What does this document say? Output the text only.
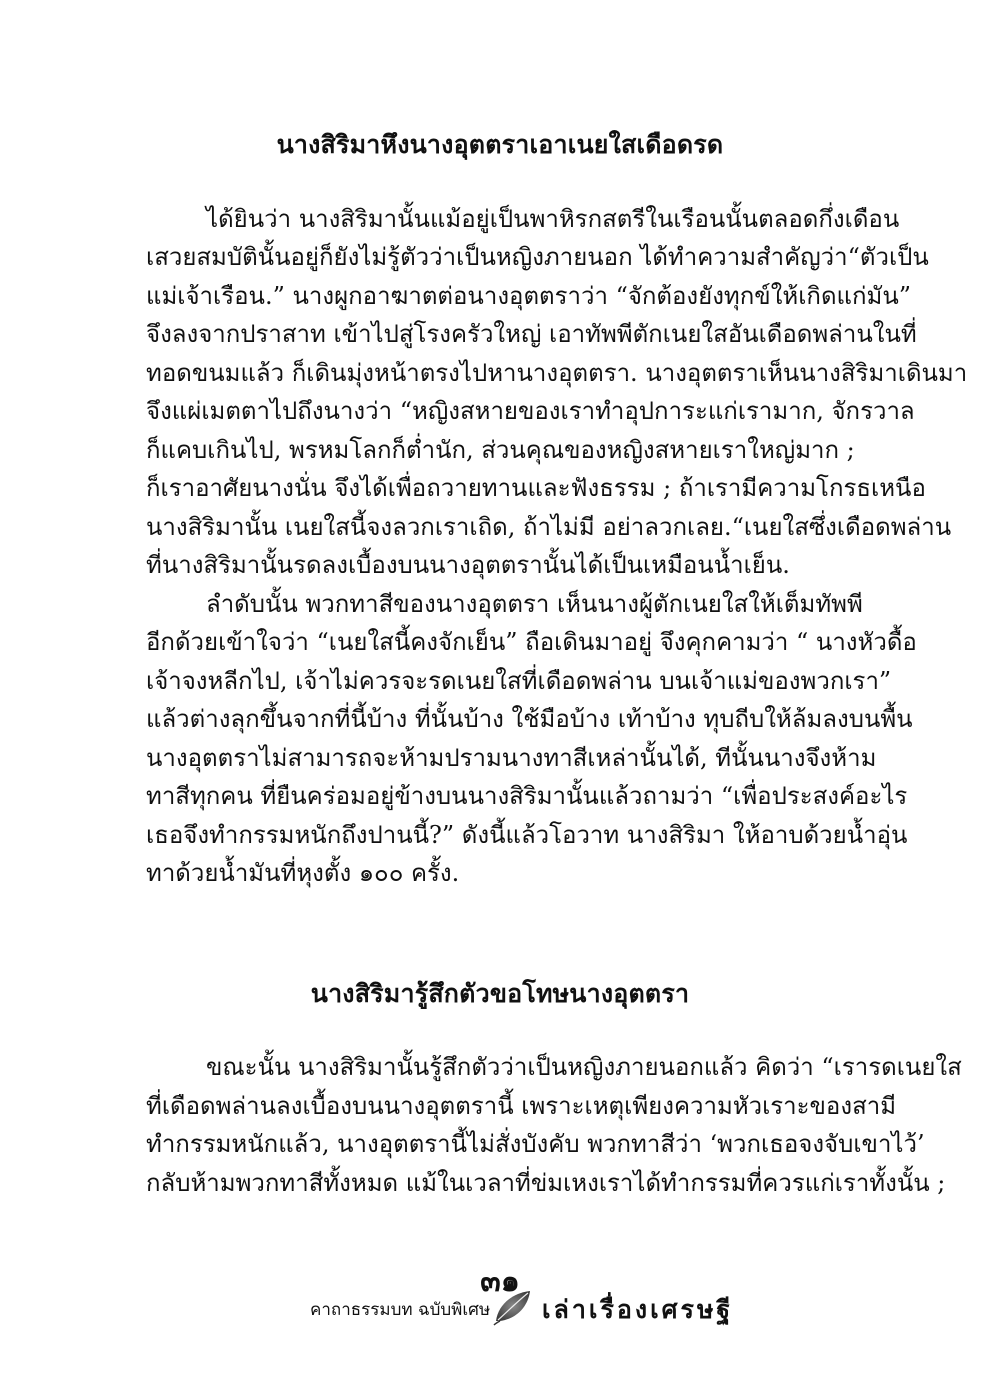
นางสิริมาหึงนางอุตตราเอาเนยใสเดือดรด
ได้ยินว่า นางสิริมานั้นแม้อยู่เป็นพาหิรกสตรีในเรือนนั้นตลอดกึ่งเดือน
เสวยสมบัตินั้นอยู่ก็ยังไม่รู้ตัวว่าเป็นหญิงภายนอก ได้ทำความสำคัญว่า“ตัวเป็น
แม่เจ้าเรือน.” นางผูกอาฆาตต่อนางอุตตราว่า “จักต้องยังทุกข์ให้เกิดแก่มัน”
จึงลงจากปราสาท เข้าไปสู่โรงครัวใหญ่ เอาทัพพีตักเนยใสอันเดือดพล่านในที่
ทอดขนมแล้ว ก็เดินมุ่งหน้าตรงไปหานางอุตตรา. นางอุตตราเห็นนางสิริมาเดินมา
จึงแผ่เมตตาไปถึงนางว่า “หญิงสหายของเราทำอุปการะแก่เรามาก, จักรวาล
ก็แคบเกินไป, พรหมโลกก็ต่ำนัก, ส่วนคุณของหญิงสหายเราใหญ่มาก ;
ก็เราอาศัยนางนั่น จึงได้เพื่อถวายทานและฟังธรรม ; ถ้าเรามีความโกรธเหนือ
นางสิริมานั้น เนยใสนี้จงลวกเราเถิด, ถ้าไม่มี อย่าลวกเลย.“เนยใสซึ่งเดือดพล่าน
ที่นางสิริมานั้นรดลงเบื้องบนนางอุตตรานั้นได้เป็นเหมือนน้ำเย็น.
ลำดับนั้น พวกทาสีของนางอุตตรา เห็นนางผู้ตักเนยใสให้เต็มทัพพี
อีกด้วยเข้าใจว่า “เนยใสนี้คงจักเย็น” ถือเดินมาอยู่ จึงคุกคามว่า “ นางหัวดื้อ
เจ้าจงหลีกไป, เจ้าไม่ควรจะรดเนยใสที่เดือดพล่าน บนเจ้าแม่ของพวกเรา”
แล้วต่างลุกขึ้นจากที่นี้บ้าง ที่นั้นบ้าง ใช้มือบ้าง เท้าบ้าง ทุบถีบให้ล้มลงบนพื้น
นางอุตตราไม่สามารถจะห้ามปรามนางทาสีเหล่านั้นได้, ทีนั้นนางจึงห้าม
ทาสีทุกคน ที่ยืนคร่อมอยู่ข้างบนนางสิริมานั้นแล้วถามว่า “เพื่อประสงค์อะไร
เธอจึงทำกรรมหนักถึงปานนี้?” ดังนี้แล้วโอวาท นางสิริมา ให้อาบด้วยน้ำอุ่น
ทาด้วยน้ำมันที่หุงตั้ง ๑๐๐ ครั้ง.
นางสิริมารู้สึกตัวขอโทษนางอุตตรา
ขณะนั้น นางสิริมานั้นรู้สึกตัวว่าเป็นหญิงภายนอกแล้ว คิดว่า “เรารดเนยใส
ที่เดือดพล่านลงเบื้องบนนางอุตตรานี้ เพราะเหตุเพียงความหัวเราะของสามี
ทำกรรมหนักแล้ว, นางอุตตรานี้ไม่สั่งบังคับ พวกทาสีว่า ‘พวกเธอจงจับเขาไว้’
กลับห้ามพวกทาสีทั้งหมด แม้ในเวลาที่ข่มเหงเราได้ทำกรรมที่ควรแก่เราทั้งนั้น ;
๓๑
คาถาธรรมบท ฉบับพิเศษ เล่าเรื่องเศรษฐี
